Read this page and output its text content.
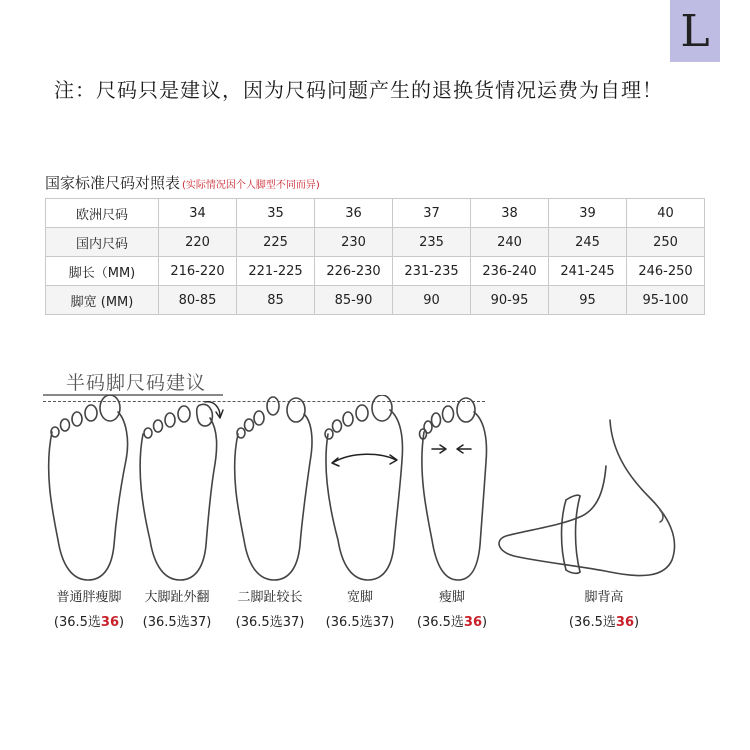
L
注：尺码只是建议，因为尺码问题产生的退换货情况运费为自理！
国家标准尺码对照表 (实际情况因个人脚型不同而异)
欧洲尺码	34	35	36	37	38	39	40
国内尺码	220	225	230	235	240	245	250
脚长（MM)	216-220	221-225	226-230	231-235	236-240	241-245	246-250
脚宽 (MM)	80-85	85	85-90	90	90-95	95	95-100
半码脚尺码建议
普通胖瘦脚	大脚趾外翻	二脚趾较长	宽脚	瘦脚	脚背高
(36.5选36)	(36.5选37)	(36.5选37)	(36.5选37)	(36.5选36)	(36.5选36)
